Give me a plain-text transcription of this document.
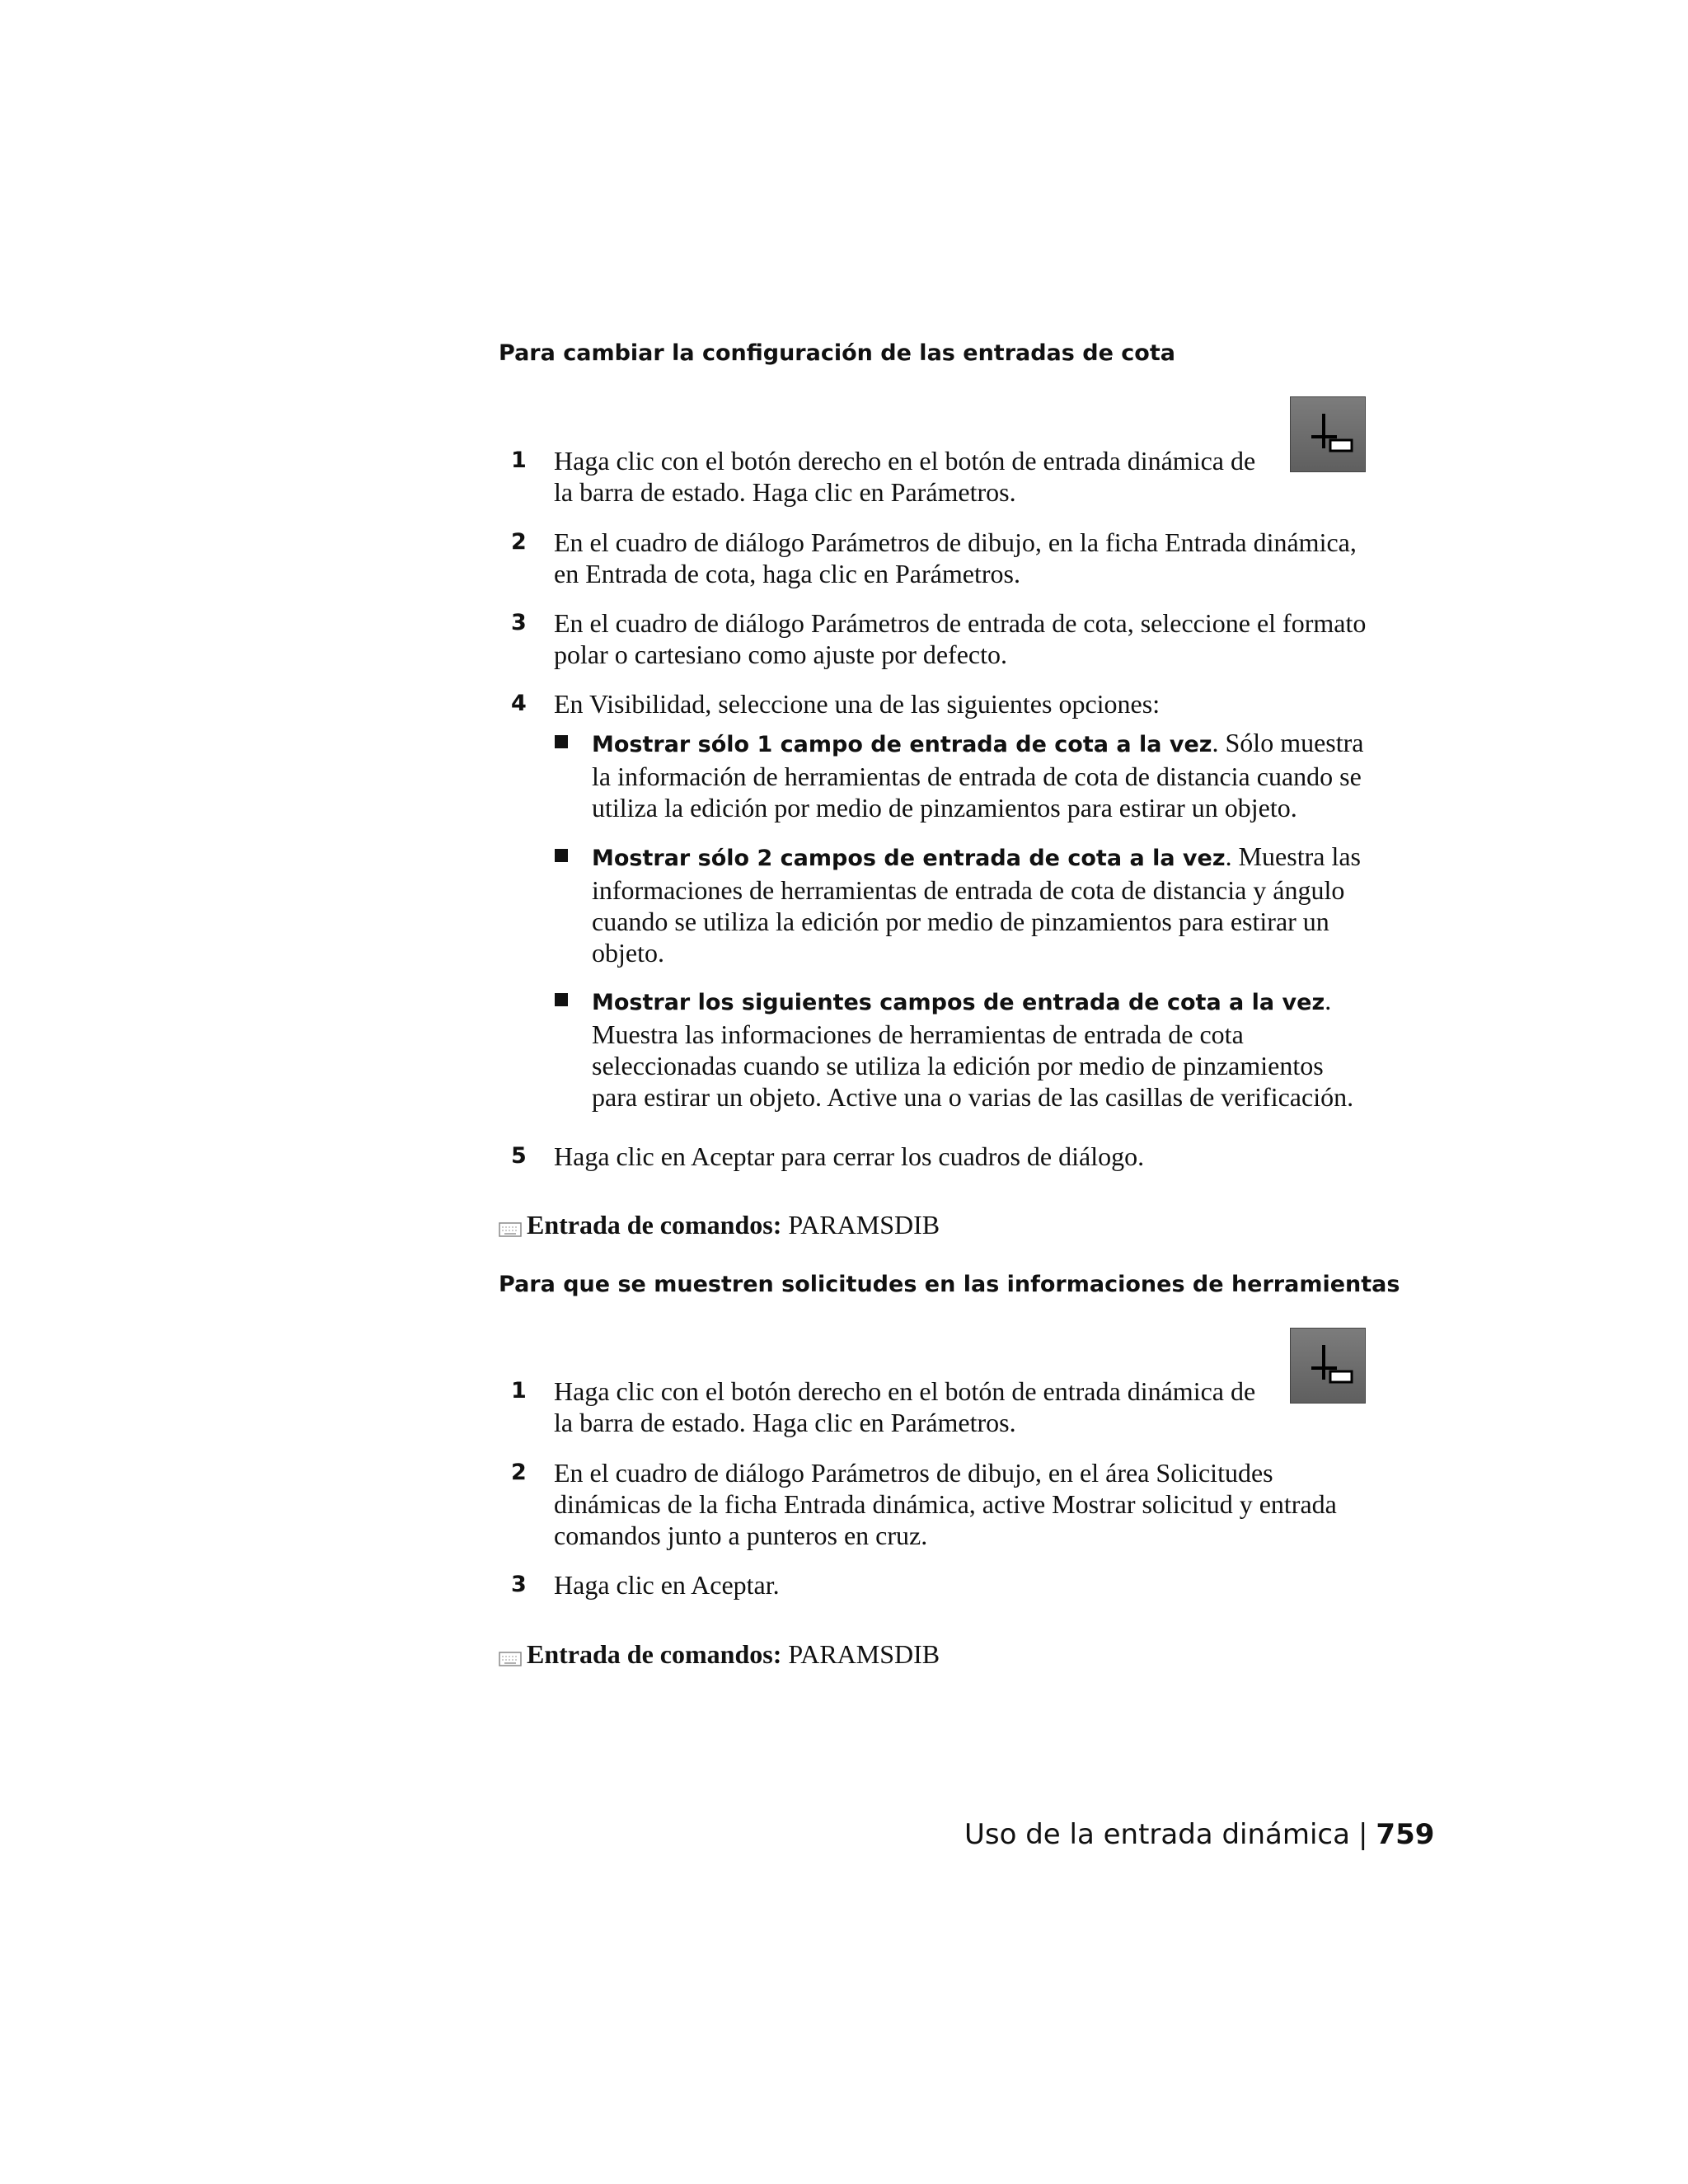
Para cambiar la configuración de las entradas de cota
1	Haga clic con el botón derecho en el botón de entrada dinámica de la barra de estado. Haga clic en Parámetros.
2	En el cuadro de diálogo Parámetros de dibujo, en la ficha Entrada dinámica, en Entrada de cota, haga clic en Parámetros.
3	En el cuadro de diálogo Parámetros de entrada de cota, seleccione el formato polar o cartesiano como ajuste por defecto.
4	En Visibilidad, seleccione una de las siguientes opciones:
Mostrar sólo 1 campo de entrada de cota a la vez. Sólo muestra la información de herramientas de entrada de cota de distancia cuando se utiliza la edición por medio de pinzamientos para estirar un objeto.
Mostrar sólo 2 campos de entrada de cota a la vez. Muestra las informaciones de herramientas de entrada de cota de distancia y ángulo cuando se utiliza la edición por medio de pinzamientos para estirar un objeto.
Mostrar los siguientes campos de entrada de cota a la vez. Muestra las informaciones de herramientas de entrada de cota seleccionadas cuando se utiliza la edición por medio de pinzamientos para estirar un objeto. Active una o varias de las casillas de verificación.
5	Haga clic en Aceptar para cerrar los cuadros de diálogo.
Entrada de comandos: PARAMSDIB
Para que se muestren solicitudes en las informaciones de herramientas
1	Haga clic con el botón derecho en el botón de entrada dinámica de la barra de estado. Haga clic en Parámetros.
2	En el cuadro de diálogo Parámetros de dibujo, en el área Solicitudes dinámicas de la ficha Entrada dinámica, active Mostrar solicitud y entrada comandos junto a punteros en cruz.
3	Haga clic en Aceptar.
Entrada de comandos: PARAMSDIB
Uso de la entrada dinámica | 759
